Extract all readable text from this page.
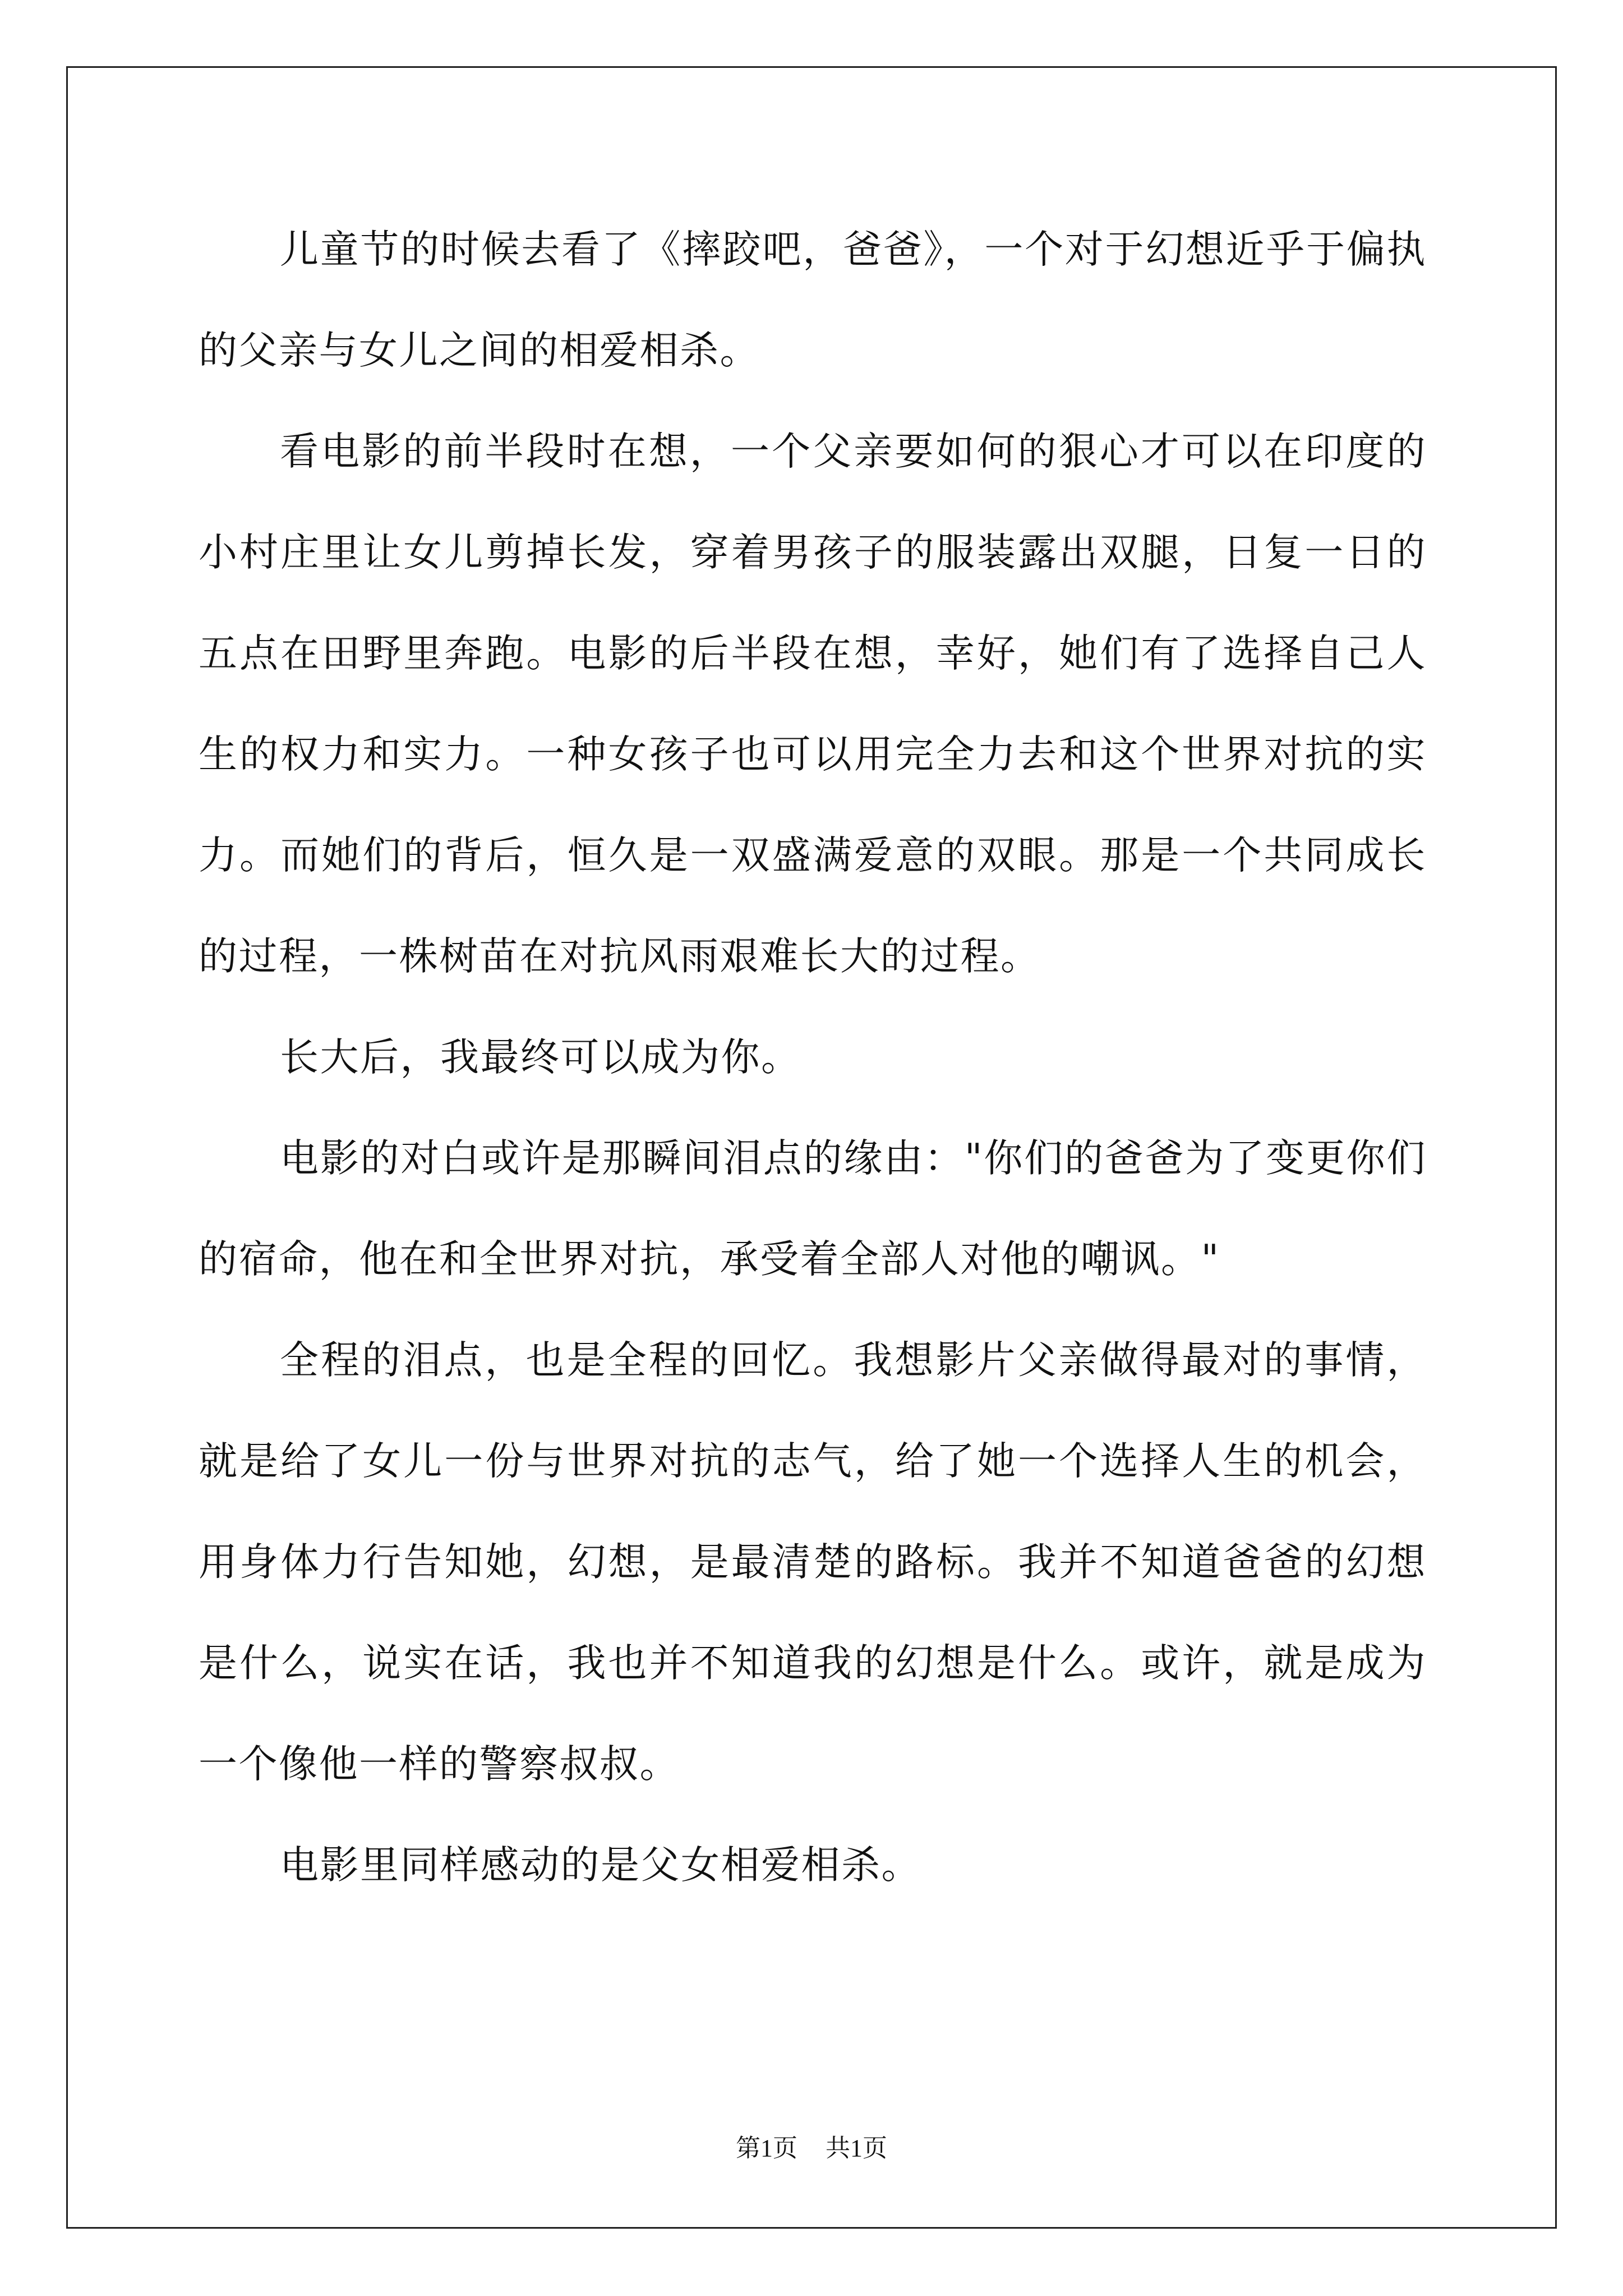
儿童节的时候去看了《摔跤吧，爸爸》，一个对于幻想近乎于偏执的父亲与女儿之间的相爱相杀。

看电影的前半段时在想，一个父亲要如何的狠心才可以在印度的小村庄里让女儿剪掉长发，穿着男孩子的服装露出双腿，日复一日的五点在田野里奔跑。电影的后半段在想，幸好，她们有了选择自己人生的权力和实力。一种女孩子也可以用完全力去和这个世界对抗的实力。而她们的背后，恒久是一双盛满爱意的双眼。那是一个共同成长的过程，一株树苗在对抗风雨艰难长大的过程。

长大后，我最终可以成为你。

电影的对白或许是那瞬间泪点的缘由："你们的爸爸为了变更你们的宿命，他在和全世界对抗，承受着全部人对他的嘲讽。"

全程的泪点，也是全程的回忆。我想影片父亲做得最对的事情，就是给了女儿一份与世界对抗的志气，给了她一个选择人生的机会，用身体力行告知她，幻想，是最清楚的路标。我并不知道爸爸的幻想是什么，说实在话，我也并不知道我的幻想是什么。或许，就是成为一个像他一样的警察叔叔。

电影里同样感动的是父女相爱相杀。

第1页 共1页
